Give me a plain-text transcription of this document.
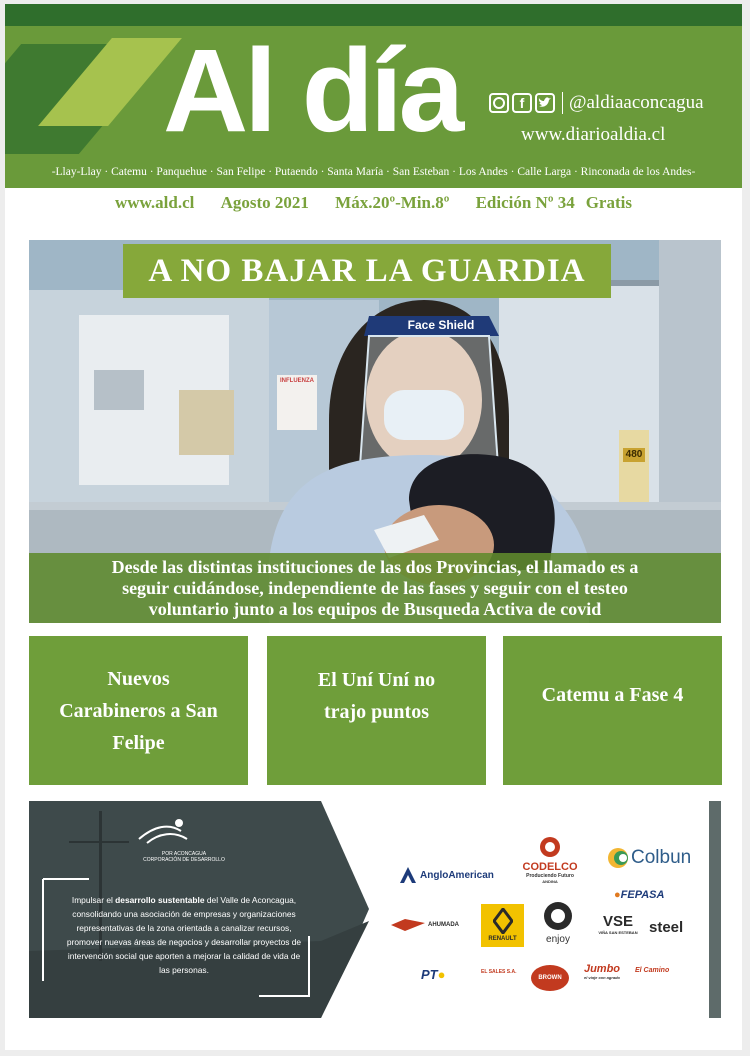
Al día	f	@aldiaaconcagua
www.diarioaldia.cl
-Llay-Llay · Catemu · Panquehue · San Felipe · Putaendo · Santa María · San Esteban · Los Andes · Calle Larga · Rinconada de los Andes-
www.ald.cl Agosto 2021 Máx.20º-Min.8º Edición Nº 34 Gratis
Face Shield
INFLUENZA
480
A NO BAJAR LA GUARDIA
Desde las distintas instituciones de las dos Provincias, el llamado es a
seguir cuidándose, independiente de las fases y seguir con el testeo
voluntario junto a los equipos de Busqueda Activa de covid
Nuevos
Carabineros a San
Felipe
El Uní Uní no
trajo puntos
Catemu a Fase 4
POR ACONCAGUA
CORPORACIÓN DE DESARROLLO
Impulsar el desarrollo sustentable del Valle de Aconcagua, consolidando una asociación de empresas y organizaciones representativas de la zona orientada a canalizar recursos, promover nuevas áreas de negocios y desarrollar proyectos de intervención social que aporten a mejorar la calidad de vida de las personas.
AngloAmerican
CODELCO
Produciendo Futuro
ANDINA
Colbun
●FEPASA
AHUMADA
RENAULT	enjoy
VSE
VIÑA SAN ESTEBAN steel
PT●	EL SALES S.A.
BROWN GROUP
Jumbo
el viaje con agrado
El Camino
